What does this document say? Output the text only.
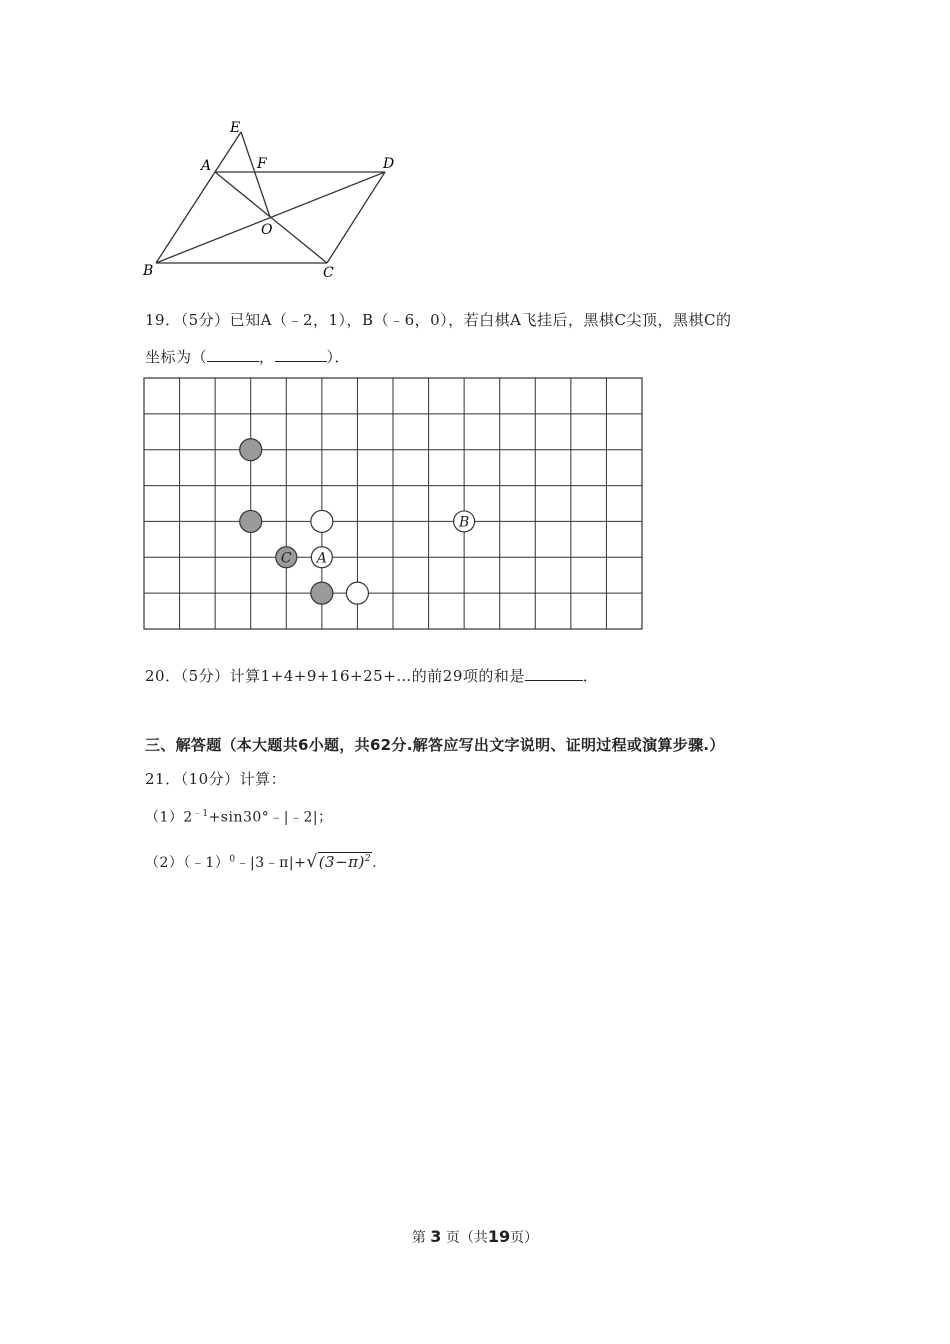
E
A	F	D
O
B	C
19．（5分）已知A（﹣2，1），B（﹣6，0），若白棋A飞挂后，黑棋C尖顶，黑棋C的
坐标为（	，	）．
B
C A
20．（5分）计算1+4+9+16+25+…的前29项的和是	．
三、解答题（本大题共6小题，共62分.解答应写出文字说明、证明过程或演算步骤.）
21．（10分）计算：
$(1)2^{﹣1}+\sin 30^\circ﹣|﹣2|$；
$(2)(﹣1)^0﹣|3﹣\pi|+√(3-\pi)^2$.
第 3 页（共19页）
